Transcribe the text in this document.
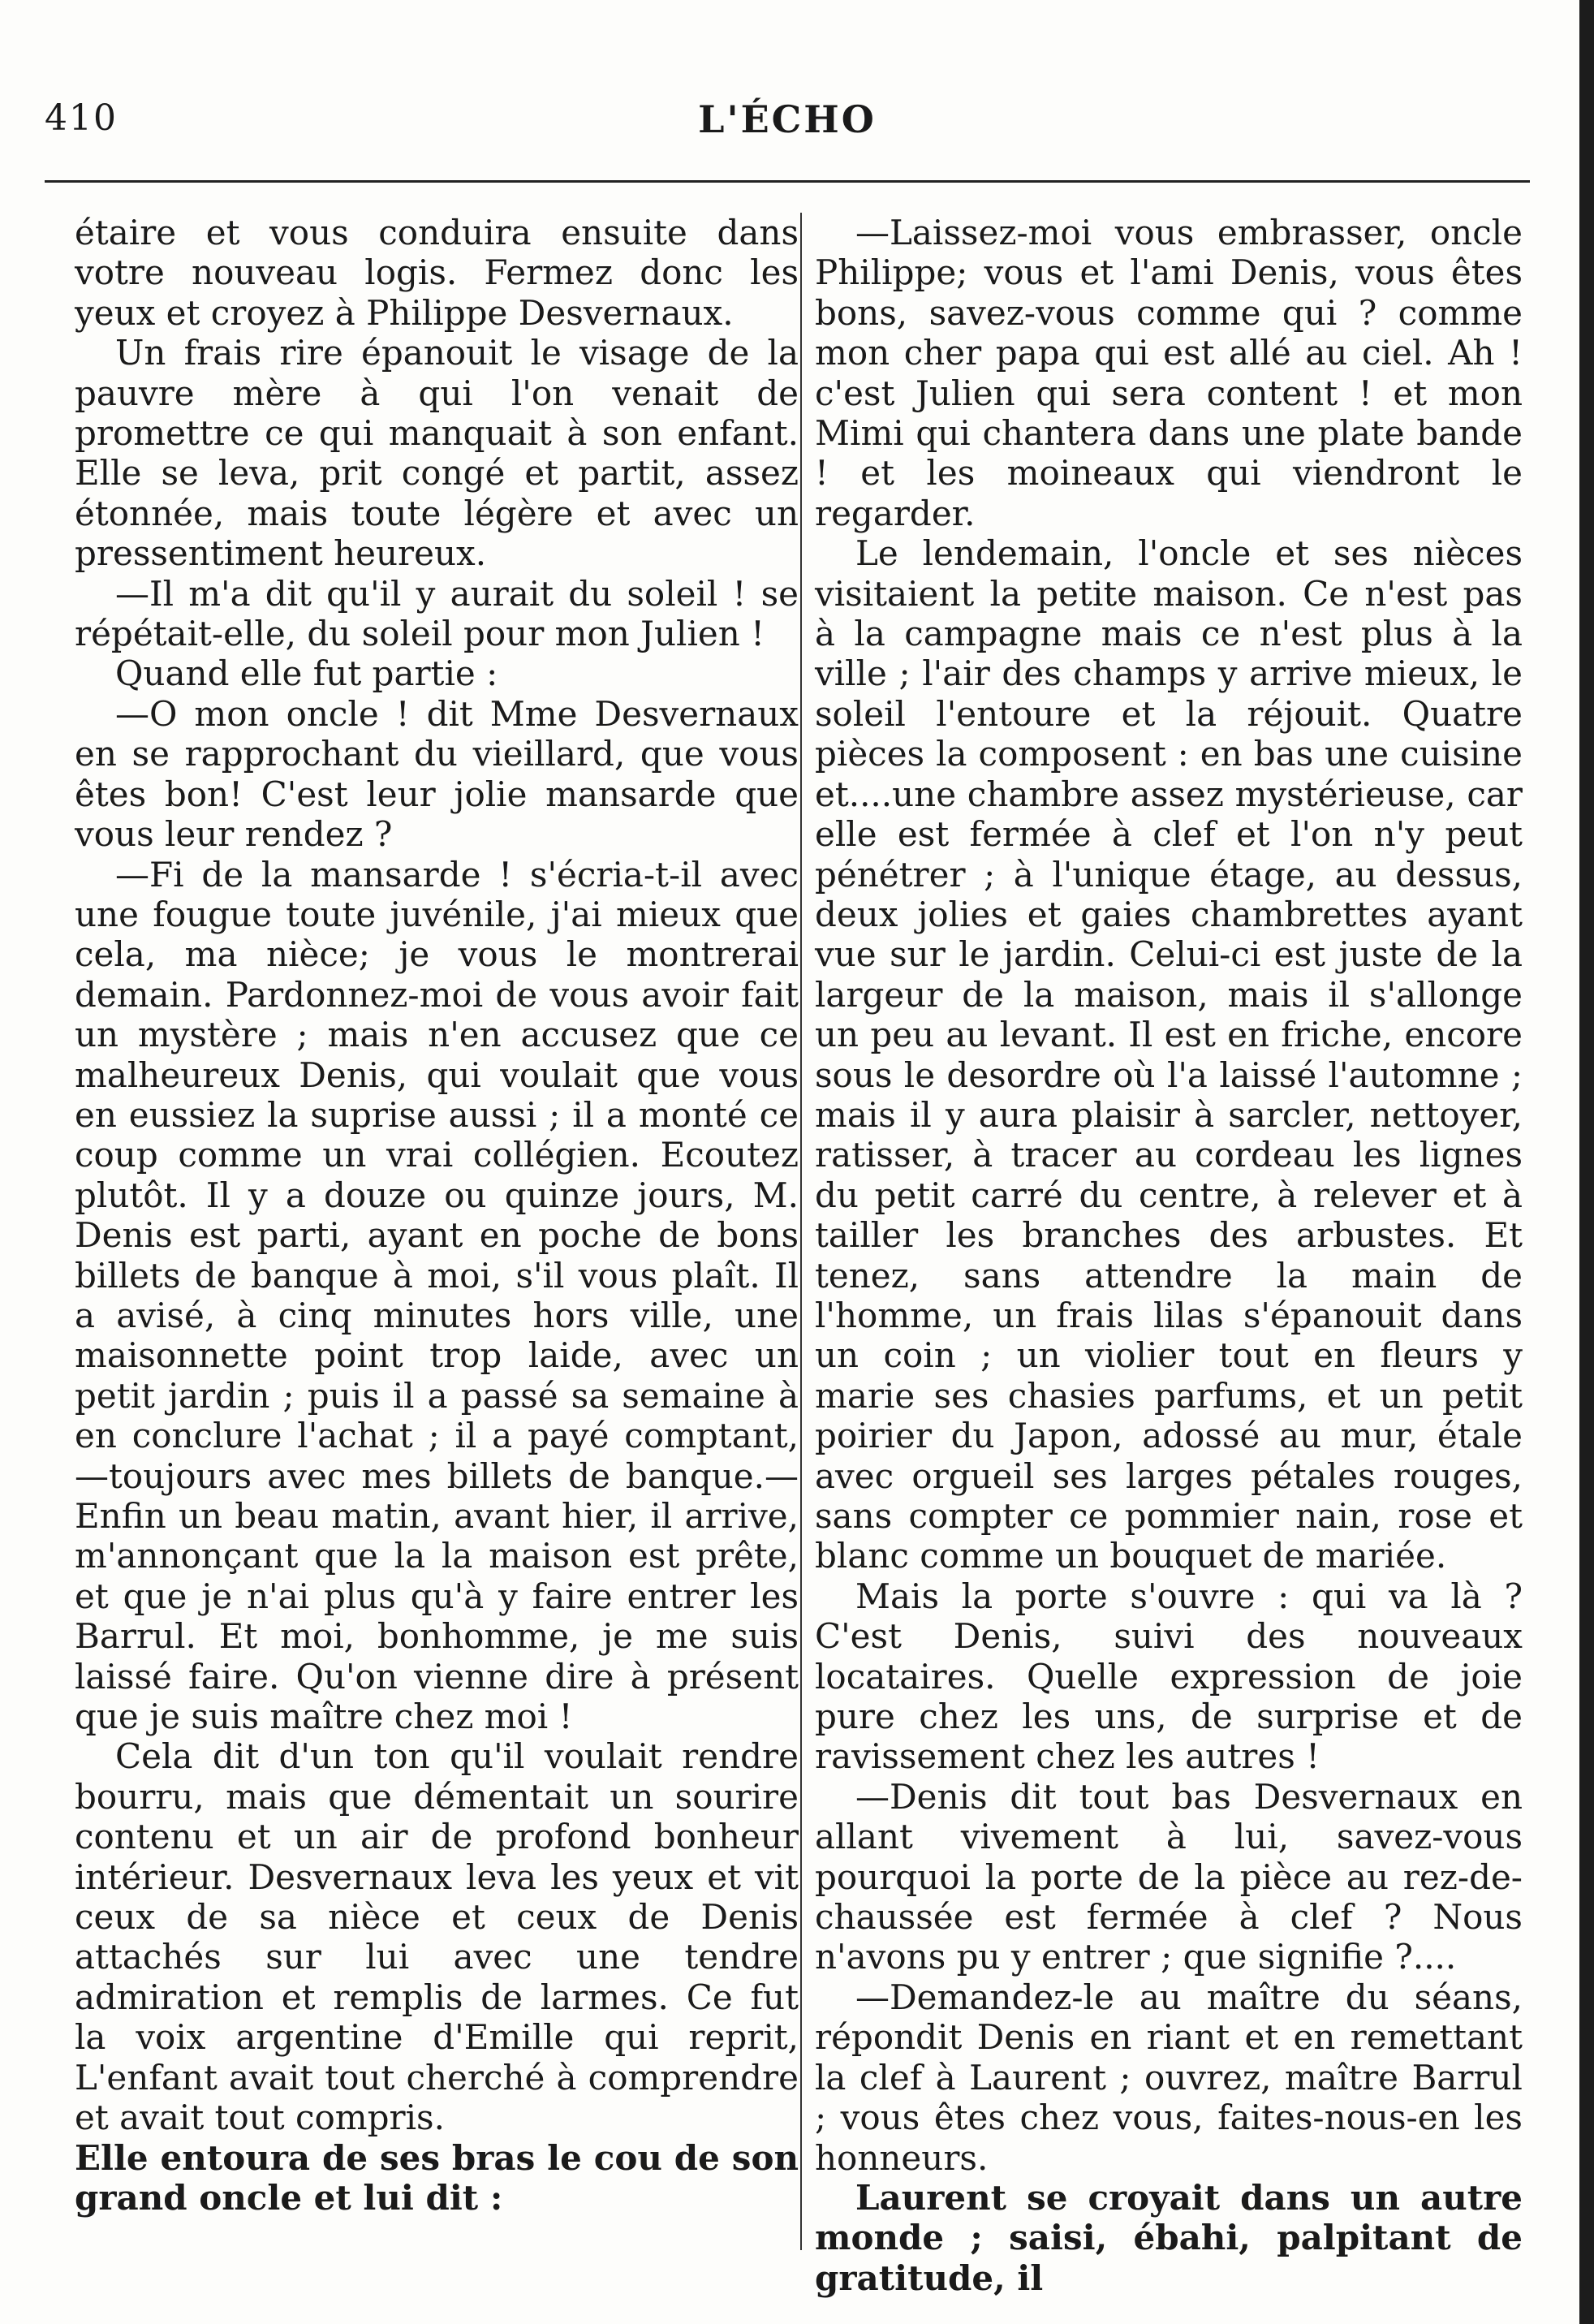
410	L'ÉCHO

étaire et vous conduira ensuite dans votre nouveau logis. Fermez donc les yeux et croyez à Philippe Desvernaux.

Un frais rire épanouit le visage de la pauvre mère à qui l'on venait de promettre ce qui manquait à son enfant. Elle se leva, prit congé et partit, assez étonnée, mais toute légère et avec un pressentiment heureux.

—Il m'a dit qu'il y aurait du soleil ! se répétait-elle, du soleil pour mon Julien !

Quand elle fut partie :

—O mon oncle ! dit Mme Desvernaux en se rapprochant du vieillard, que vous êtes bon! C'est leur jolie mansarde que vous leur rendez ?

—Fi de la mansarde ! s'écria-t-il avec une fougue toute juvénile, j'ai mieux que cela, ma nièce; je vous le montrerai demain. Pardonnez-moi de vous avoir fait un mystère ; mais n'en accusez que ce malheureux Denis, qui voulait que vous en eussiez la suprise aussi ; il a monté ce coup comme un vrai collégien. Ecoutez plutôt. Il y a douze ou quinze jours, M. Denis est parti, ayant en poche de bons billets de banque à moi, s'il vous plaît. Il a avisé, à cinq minutes hors ville, une maisonnette point trop laide, avec un petit jardin ; puis il a passé sa semaine à en conclure l'achat ; il a payé comptant,—toujours avec mes billets de banque.—Enfin un beau matin, avant hier, il arrive, m'annonçant que la la maison est prête, et que je n'ai plus qu'à y faire entrer les Barrul. Et moi, bonhomme, je me suis laissé faire. Qu'on vienne dire à présent que je suis maître chez moi !

Cela dit d'un ton qu'il voulait rendre bourru, mais que démentait un sourire contenu et un air de profond bonheur intérieur. Desvernaux leva les yeux et vit ceux de sa nièce et ceux de Denis attachés sur lui avec une tendre admiration et remplis de larmes. Ce fut la voix argentine d'Emille qui reprit, L'enfant avait tout cherché à comprendre et avait tout compris.

Elle entoura de ses bras le cou de son grand oncle et lui dit :

—Laissez-moi vous embrasser, oncle Philippe; vous et l'ami Denis, vous êtes bons, savez-vous comme qui ? comme mon cher papa qui est allé au ciel. Ah ! c'est Julien qui sera content ! et mon Mimi qui chantera dans une plate bande ! et les moineaux qui viendront le regarder.

Le lendemain, l'oncle et ses nièces visitaient la petite maison. Ce n'est pas à la campagne mais ce n'est plus à la ville ; l'air des champs y arrive mieux, le soleil l'entoure et la réjouit. Quatre pièces la composent : en bas une cuisine et....une chambre assez mystérieuse, car elle est fermée à clef et l'on n'y peut pénétrer ; à l'unique étage, au dessus, deux jolies et gaies chambrettes ayant vue sur le jardin. Celui-ci est juste de la largeur de la maison, mais il s'allonge un peu au levant. Il est en friche, encore sous le desordre où l'a laissé l'automne ; mais il y aura plaisir à sarcler, nettoyer, ratisser, à tracer au cordeau les lignes du petit carré du centre, à relever et à tailler les branches des arbustes. Et tenez, sans attendre la main de l'homme, un frais lilas s'épanouit dans un coin ; un violier tout en fleurs y marie ses chasies parfums, et un petit poirier du Japon, adossé au mur, étale avec orgueil ses larges pétales rouges, sans compter ce pommier nain, rose et blanc comme un bouquet de mariée.

Mais la porte s'ouvre : qui va là ? C'est Denis, suivi des nouveaux locataires. Quelle expression de joie pure chez les uns, de surprise et de ravissement chez les autres !

—Denis dit tout bas Desvernaux en allant vivement à lui, savez-vous pourquoi la porte de la pièce au rez-de-chaussée est fermée à clef ? Nous n'avons pu y entrer ; que signifie ?....

—Demandez-le au maître du séans, répondit Denis en riant et en remettant la clef à Laurent ; ouvrez, maître Barrul ; vous êtes chez vous, faites-nous-en les honneurs.

Laurent se croyait dans un autre monde ; saisi, ébahi, palpitant de gratitude, il
